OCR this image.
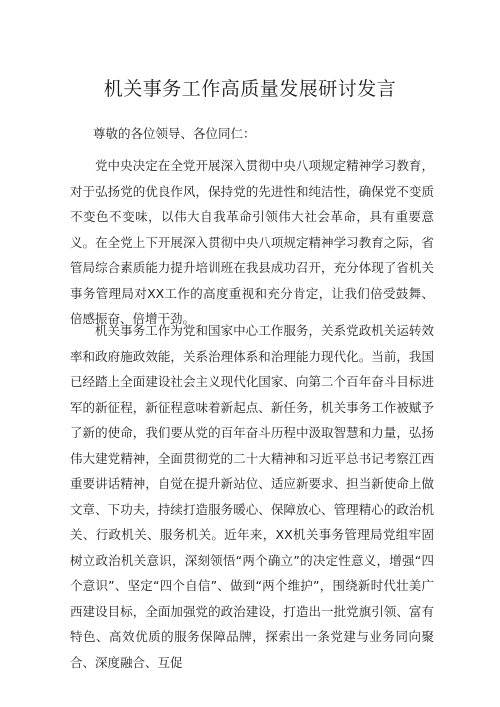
机关事务工作高质量发展研讨发言
尊敬的各位领导、各位同仁：
党中央决定在全党开展深入贯彻中央八项规定精神学习教育，对于弘扬党的优良作风，保持党的先进性和纯洁性，确保党不变质不变色不变味，以伟大自我革命引领伟大社会革命，具有重要意义。在全党上下开展深入贯彻中央八项规定精神学习教育之际，省管局综合素质能力提升培训班在我县成功召开，充分体现了省机关事务管理局对XX工作的高度重视和充分肯定，让我们倍受鼓舞、倍感振奋、倍增干劲。
机关事务工作为党和国家中心工作服务，关系党政机关运转效率和政府施政效能，关系治理体系和治理能力现代化。当前，我国已经踏上全面建设社会主义现代化国家、向第二个百年奋斗目标进军的新征程，新征程意味着新起点、新任务，机关事务工作被赋予了新的使命，我们要从党的百年奋斗历程中汲取智慧和力量，弘扬伟大建党精神，全面贯彻党的二十大精神和习近平总书记考察江西重要讲话精神，自觉在提升新站位、适应新要求、担当新使命上做文章、下功夫，持续打造服务暖心、保障放心、管理精心的政治机关、行政机关、服务机关。近年来，XX机关事务管理局党组牢固树立政治机关意识，深刻领悟“两个确立”的决定性意义，增强“四个意识”、坚定“四个自信”、做到“两个维护”，围绕新时代壮美广西建设目标，全面加强党的政治建设，打造出一批党旗引领、富有特色、高效优质的服务保障品牌，探索出一条党建与业务同向聚合、深度融合、互促
